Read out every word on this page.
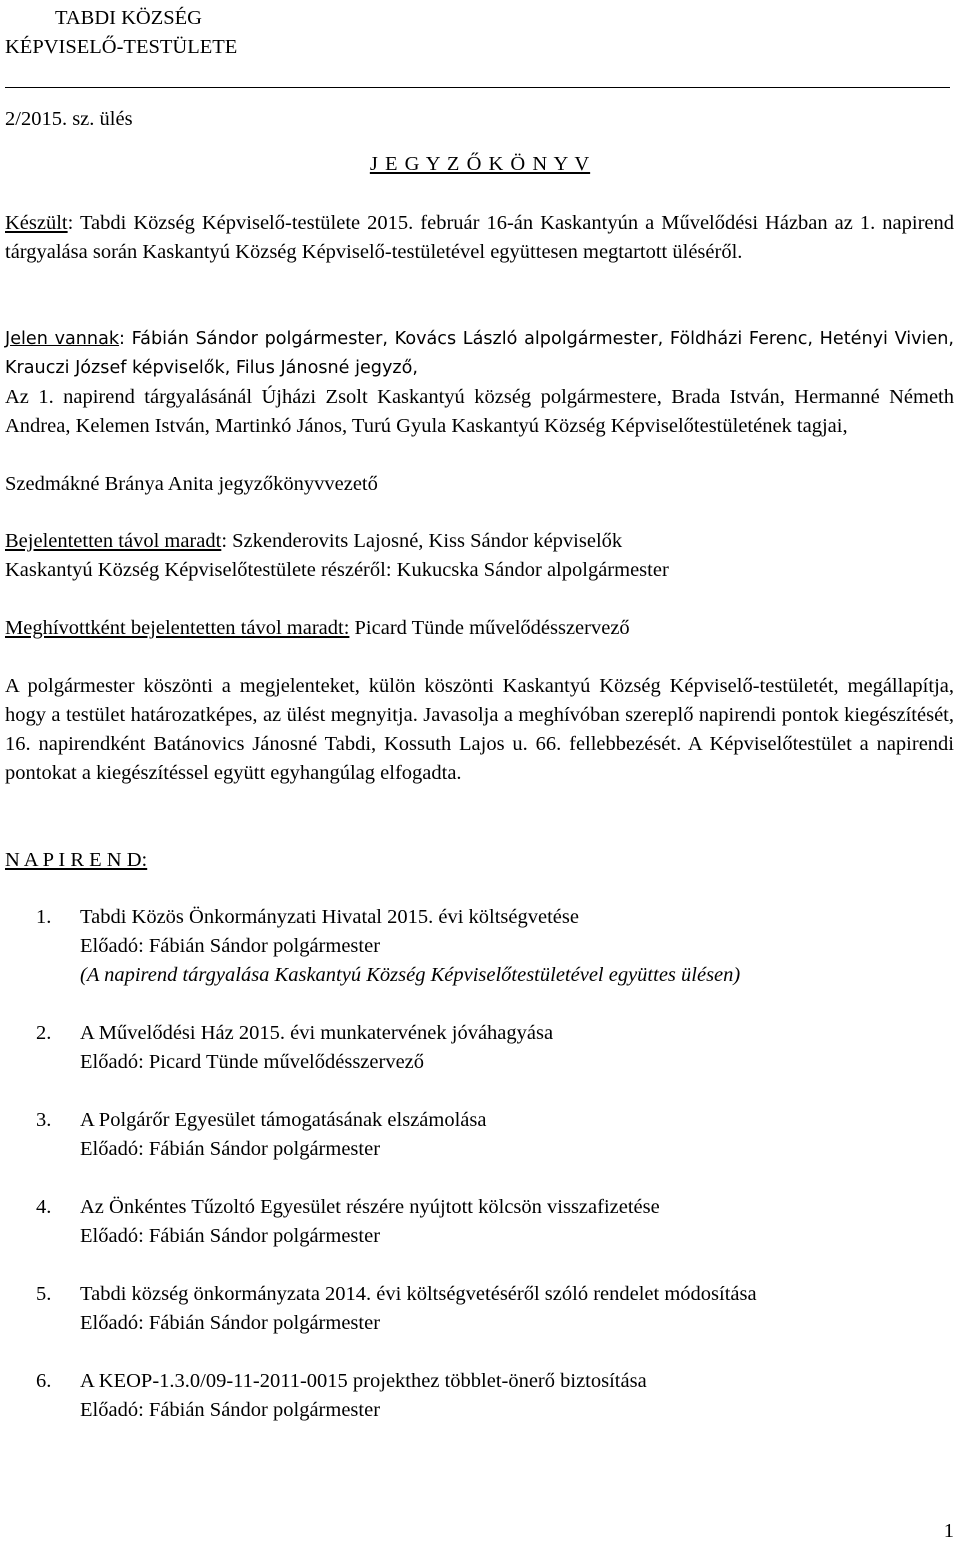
TABDI KÖZSÉG
KÉPVISELŐ-TESTÜLETE
2/2015. sz. ülés
J E G Y Z Ő K Ö N Y V
Készült: Tabdi Község Képviselő-testülete 2015. február 16-án Kaskantyún a Művelődési Házban az 1. napirend tárgyalása során Kaskantyú Község Képviselő-testületével együttesen megtartott üléséről.
Jelen vannak: Fábián Sándor polgármester, Kovács László alpolgármester, Földházi Ferenc, Hetényi Vivien, Krauczi József képviselők, Filus Jánosné jegyző,
Az 1. napirend tárgyalásánál Újházi Zsolt Kaskantyú község polgármestere, Brada István, Hermanné Németh Andrea, Kelemen István, Martinkó János, Turú Gyula Kaskantyú Község Képviselőtestületének tagjai,
Szedmákné Bránya Anita jegyzőkönyvvezető
Bejelentetten távol maradt: Szkenderovits Lajosné, Kiss Sándor képviselők
Kaskantyú Község Képviselőtestülete részéről: Kukucska Sándor alpolgármester
Meghívottként bejelentetten távol maradt: Picard Tünde művelődésszervező
A polgármester köszönti a megjelenteket, külön köszönti Kaskantyú Község Képviselő-testületét, megállapítja, hogy a testület határozatképes, az ülést megnyitja. Javasolja a meghívóban szereplő napirendi pontok kiegészítését, 16. napirendként Batánovics Jánosné Tabdi, Kossuth Lajos u. 66. fellebbezését. A Képviselőtestület a napirendi pontokat a kiegészítéssel együtt egyhangúlag elfogadta.
N A P I R E N D:
1.	Tabdi Közös Önkormányzati Hivatal 2015. évi költségvetése
Előadó: Fábián Sándor polgármester
(A napirend tárgyalása Kaskantyú Község Képviselőtestületével együttes ülésen)
2.	A Művelődési Ház 2015. évi munkatervének jóváhagyása
Előadó: Picard Tünde művelődésszervező
3.	A Polgárőr Egyesület támogatásának elszámolása
Előadó: Fábián Sándor polgármester
4.	Az Önkéntes Tűzoltó Egyesület részére nyújtott kölcsön visszafizetése
Előadó: Fábián Sándor polgármester
5.	Tabdi község önkormányzata 2014. évi költségvetéséről szóló rendelet módosítása
Előadó: Fábián Sándor polgármester
6.	A KEOP-1.3.0/09-11-2011-0015 projekthez többlet-önerő biztosítása
Előadó: Fábián Sándor polgármester
1
